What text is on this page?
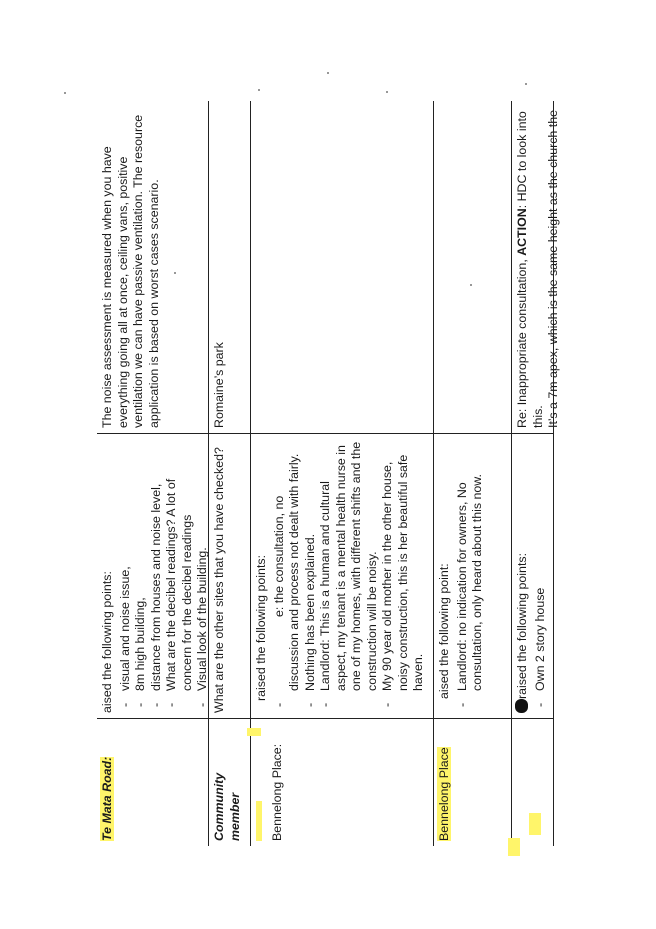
Te Mata Road:
aised the following points: - visual and noise issue, - 8m high building, - distance from houses and noise level, - What are the decibel readings? A lot of concern for the decibel readings - Visual look of the building.
The noise assessment is measured when you have everything going all at once, ceiling vans, positive ventilation we can have passive ventilation. The resource application is based on worst cases scenario.
Community member
What are the other sites that you have checked?
Romaine’s park

Bennelong Place:
raised the following points: - e: the consultation, no discussion and process not dealt with fairly. - Nothing has been explained. - Landlord: This is a human and cultural aspect, my tenant is a mental health nurse in one of my homes, with different shifts and the construction will be noisy. - My 90 year old mother in the other house, noisy construction, this is her beautiful safe haven.
Bennelong Place
aised the following point: - Landlord: no indication for owners, No consultation, only heard about this now.	raised the following points: - Own 2 story house
Re: Inappropriate consultation, ACTION: HDC to look into this. It’s a 7m apex, which is the same height as the church the
